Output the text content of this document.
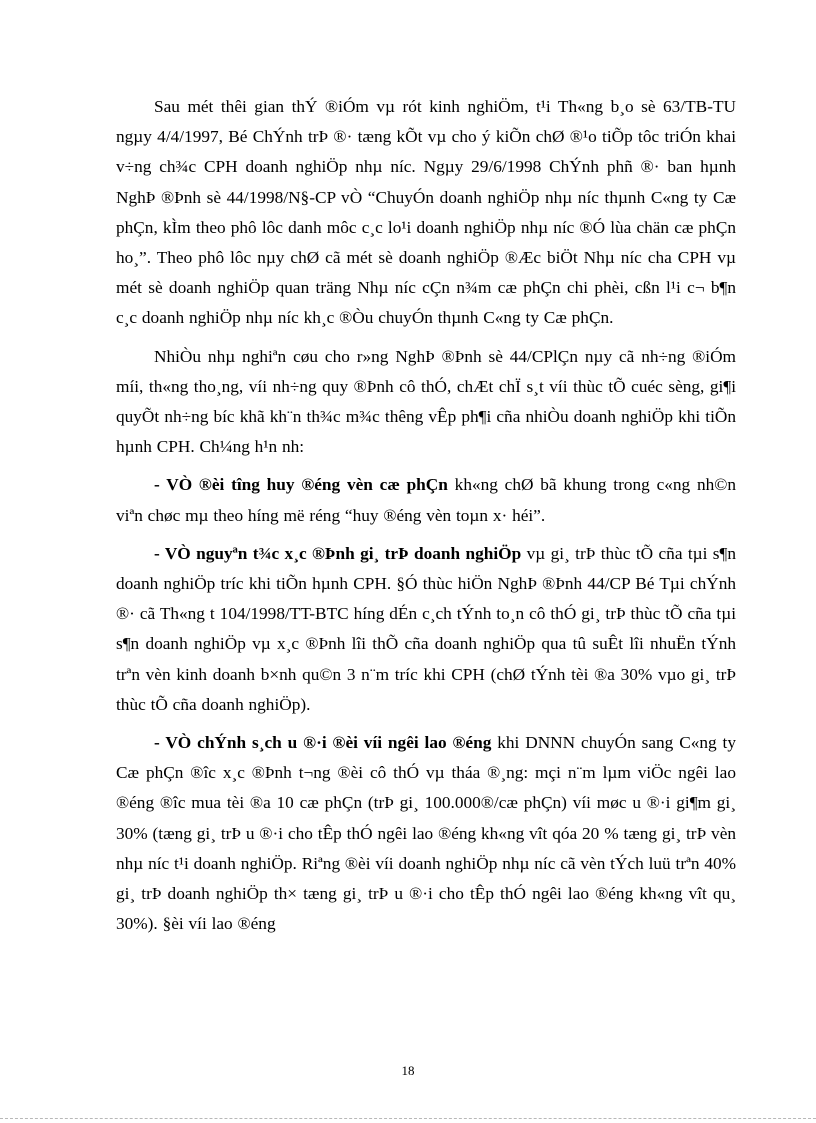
Sau mét thêi gian thÝ ®iÓm vµ rót kinh nghiÖm, t¹i Th«ng b¸o sè 63/TB-TU ngµy 4/4/1997, Bé ChÝnh trÞ ®· tæng kÕt vµ cho ý kiÕn chØ ®¹o tiÕp tôc triÓn khai v÷ng ch¾c CPH doanh nghiÖp nhµ níc. Ngµy 29/6/1998 ChÝnh phñ ®· ban hµnh NghÞ ®Þnh sè 44/1998/N§-CP vÒ “ChuyÓn doanh nghiÖp nhµ níc thµnh C«ng ty Cæ phÇn, kÌm theo phô lôc danh môc c¸c lo¹i doanh nghiÖp nhµ níc ®Ó lùa chän cæ phÇn ho¸”. Theo phô lôc nµy chØ cã mét sè doanh nghiÖp ®Æc biÖt Nhµ níc cha CPH vµ mét sè doanh nghiÖp quan träng Nhµ níc cÇn n¾m cæ phÇn chi phèi, cßn l¹i c¬ b¶n c¸c doanh nghiÖp nhµ níc kh¸c ®Òu chuyÓn thµnh C«ng ty Cæ phÇn.

NhiÒu nhµ nghiªn cøu cho r»ng NghÞ ®Þnh sè 44/CPlÇn nµy cã nh÷ng ®iÓm míi, th«ng tho¸ng, víi nh÷ng quy ®Þnh cô thÓ, chÆt chÏ s¸t víi thùc tÕ cuéc sèng, gi¶i quyÕt nh÷ng bíc khã kh¨n th¾c m¾c thêng vÊp ph¶i cña nhiÒu doanh nghiÖp khi tiÕn hµnh CPH. Ch¼ng h¹n nh:

- VÒ ®èi tîng huy ®éng vèn cæ phÇn kh«ng chØ bã khung trong c«ng nh©n viªn chøc mµ theo híng më réng “huy ®éng vèn toµn x· héi”.

- VÒ nguyªn t¾c x¸c ®Þnh gi¸ trÞ doanh nghiÖp vµ gi¸ trÞ thùc tÕ cña tµi s¶n doanh nghiÖp tríc khi tiÕn hµnh CPH. §Ó thùc hiÖn NghÞ ®Þnh 44/CP Bé Tµi chÝnh ®· cã Th«ng t 104/1998/TT-BTC híng dÉn c¸ch tÝnh to¸n cô thÓ gi¸ trÞ thùc tÕ cña tµi s¶n doanh nghiÖp vµ x¸c ®Þnh lîi thÕ cña doanh nghiÖp qua tû suÊt lîi nhuËn tÝnh trªn vèn kinh doanh b×nh qu©n 3 n¨m tríc khi CPH (chØ tÝnh tèi ®a 30% vµo gi¸ trÞ thùc tÕ cña doanh nghiÖp).

- VÒ chÝnh s¸ch u ®·i ®èi víi ngêi lao ®éng khi DNNN chuyÓn sang C«ng ty Cæ phÇn ®îc x¸c ®Þnh t¬ng ®èi cô thÓ vµ tháa ®¸ng: mçi n¨m lµm viÖc ngêi lao ®éng ®îc mua tèi ®a 10 cæ phÇn (trÞ gi¸ 100.000®/cæ phÇn) víi møc u ®·i gi¶m gi¸ 30% (tæng gi¸ trÞ u ®·i cho tÊp thÓ ngêi lao ®éng kh«ng vît qóa 20 % tæng gi¸ trÞ vèn nhµ níc t¹i doanh nghiÖp. Riªng ®èi víi doanh nghiÖp nhµ níc cã vèn tÝch luü trªn 40% gi¸ trÞ doanh nghiÖp th× tæng gi¸ trÞ u ®·i cho tÊp thÓ ngêi lao ®éng kh«ng vît qu¸ 30%). §èi víi lao ®éng

18
